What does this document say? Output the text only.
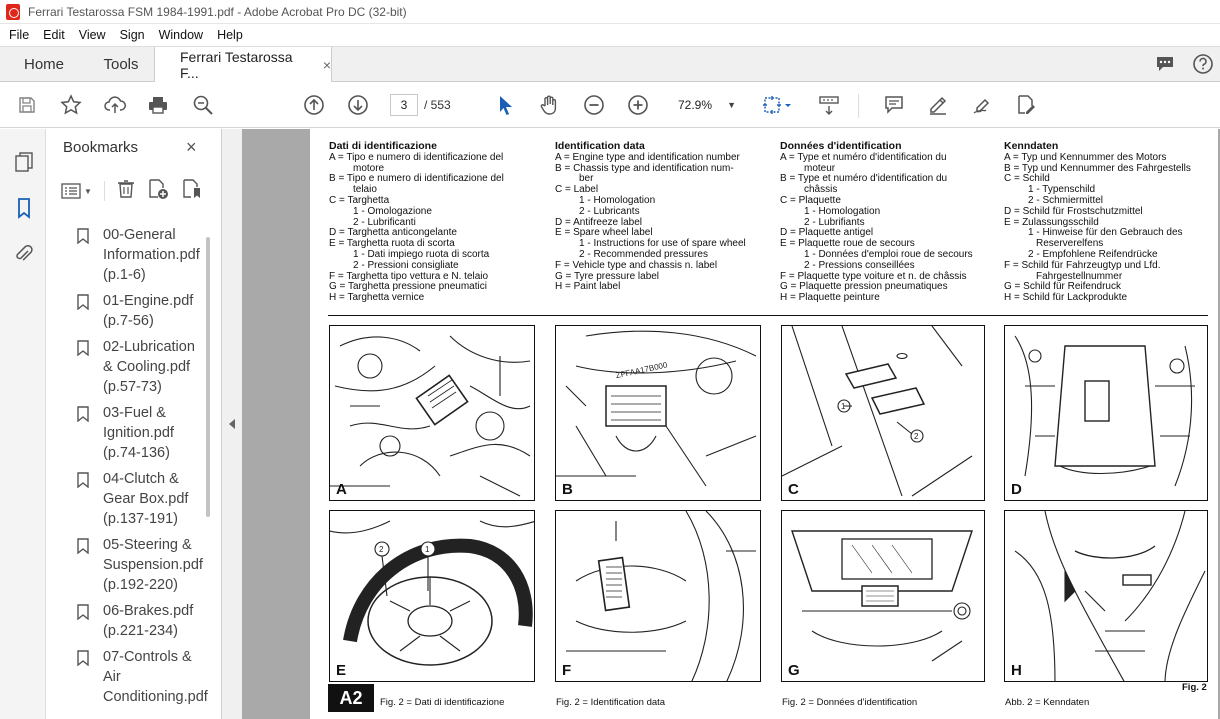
Ferrari Testarossa FSM 1984-1991.pdf - Adobe Acrobat Pro DC (32-bit)
File	Edit	View	Sign	Window	Help
Home	Tools	Ferrari Testarossa F...	×
3	/ 553	72.9% ▼
Bookmarks	×
▼
00-General Information.pdf (p.1-6)
01-Engine.pdf (p.7-56)
02-Lubrication & Cooling.pdf (p.57-73)
03-Fuel & Ignition.pdf (p.74-136)
04-Clutch & Gear Box.pdf (p.137-191)
05-Steering & Suspension.pdf (p.192-220)
06-Brakes.pdf (p.221-234)
07-Controls & Air Conditioning.pdf
Dati di identificazione
A = Tipo e numero di identificazione del
motore
B = Tipo e numero di identificazione del
telaio
C = Targhetta
1 - Omologazione
2 - Lubrificanti
D = Targhetta anticongelante
E = Targhetta ruota di scorta
1 - Dati impiego ruota di scorta
2 - Pressioni consigliate
F = Targhetta tipo vettura e N. telaio
G = Targhetta pressione pneumatici
H = Targhetta vernice
Identification data
A = Engine type and identification number
B = Chassis type and identification num-
ber
C = Label
1 - Homologation
2 - Lubricants
D = Antifreeze label
E = Spare wheel label
1 - Instructions for use of spare wheel
2 - Recommended pressures
F = Vehicle type and chassis n. label
G = Tyre pressure label
H = Paint label
Données d'identification
A = Type et numéro d'identification du
moteur
B = Type et numéro d'identification du
châssis
C = Plaquette
1 - Homologation
2 - Lubrifiants
D = Plaquette antigel
E = Plaquette roue de secours
1 - Données d'emploi roue de secours
2 - Pressions conseillées
F = Plaquette type voiture et n. de châssis
G = Plaquette pression pneumatiques
H = Plaquette peinture
Kenndaten
A = Typ und Kennummer des Motors
B = Typ und Kennummer des Fahrgestells
C = Schild
1 - Typenschild
2 - Schmiermittel
D = Schild für Frostschutzmittel
E = Zulassungsschild
1 - Hinweise für den Gebrauch des
Reserverelfens
2 - Empfohlene Reifendrücke
F = Schild für Fahrzeugtyp und Lfd.
Fahrgestellnummer
G = Schild für Reifendruck
H = Schild für Lackprodukte
A
ZFFAA17B000
B
1
2
C	D
2	1
E	F	G	H
A2	Fig. 2 = Dati di identificazione	Fig. 2 = Identification data	Fig. 2 = Données d'identification	Abb. 2 = Kenndaten
Fig. 2
